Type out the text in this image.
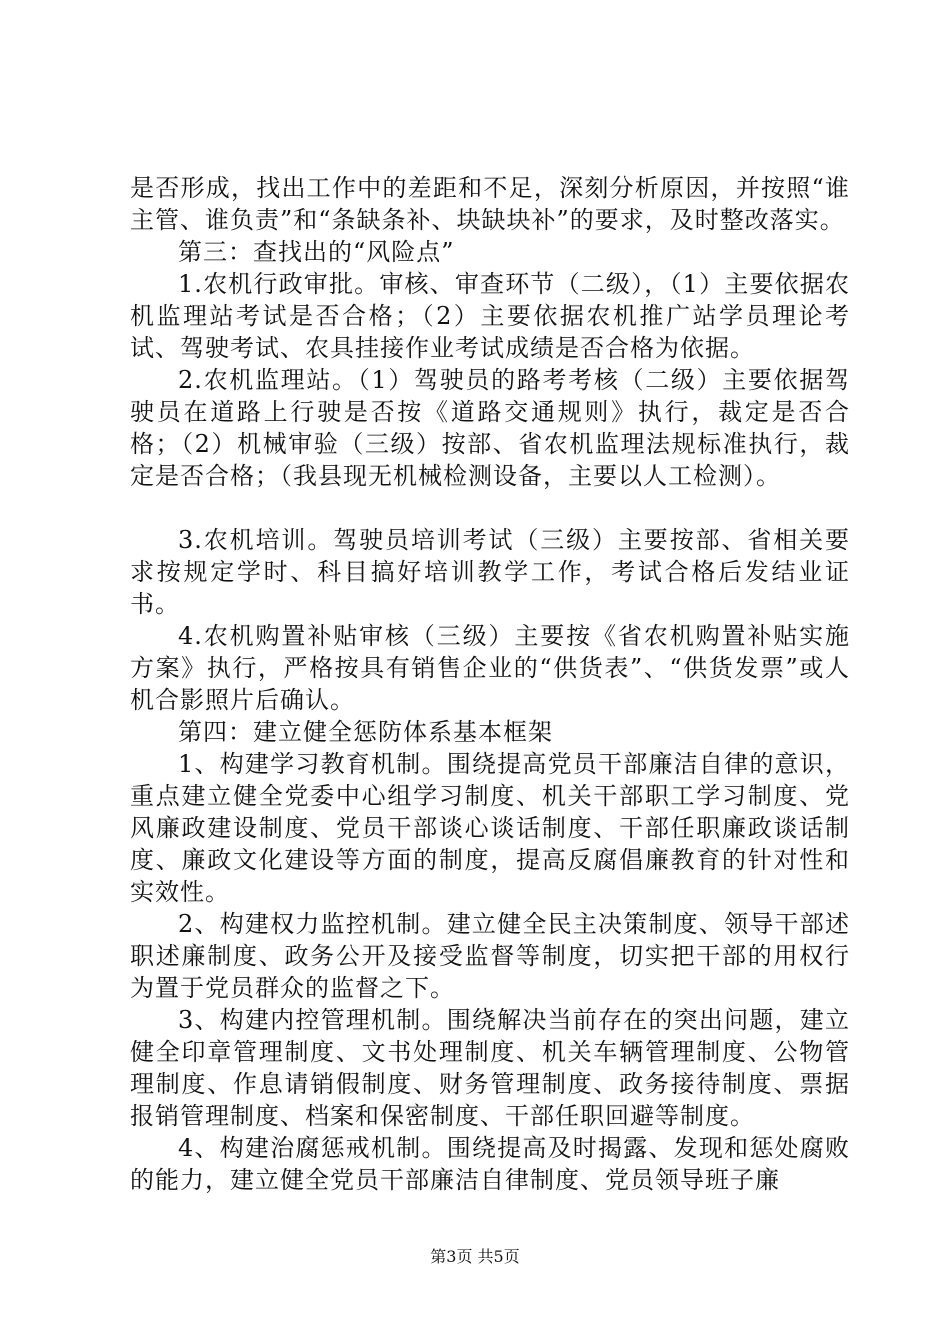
是否形成，找出工作中的差距和不足，深刻分析原因，并按照“谁主管、谁负责”和“条缺条补、块缺块补”的要求，及时整改落实。

第三：查找出的“风险点”

1.农机行政审批。审核、审查环节（二级），（1）主要依据农机监理站考试是否合格；（2）主要依据农机推广站学员理论考试、驾驶考试、农具挂接作业考试成绩是否合格为依据。

2.农机监理站。（1）驾驶员的路考考核（二级）主要依据驾驶员在道路上行驶是否按《道路交通规则》执行，裁定是否合格；（2）机械审验（三级）按部、省农机监理法规标准执行，裁定是否合格；（我县现无机械检测设备，主要以人工检测）。

3.农机培训。驾驶员培训考试（三级）主要按部、省相关要求按规定学时、科目搞好培训教学工作，考试合格后发结业证书。

4.农机购置补贴审核（三级）主要按《省农机购置补贴实施方案》执行，严格按具有销售企业的“供货表”、“供货发票”或人机合影照片后确认。

第四：建立健全惩防体系基本框架

1、构建学习教育机制。围绕提高党员干部廉洁自律的意识，重点建立健全党委中心组学习制度、机关干部职工学习制度、党风廉政建设制度、党员干部谈心谈话制度、干部任职廉政谈话制度、廉政文化建设等方面的制度，提高反腐倡廉教育的针对性和实效性。

2、构建权力监控机制。建立健全民主决策制度、领导干部述职述廉制度、政务公开及接受监督等制度，切实把干部的用权行为置于党员群众的监督之下。

3、构建内控管理机制。围绕解决当前存在的突出问题，建立健全印章管理制度、文书处理制度、机关车辆管理制度、公物管理制度、作息请销假制度、财务管理制度、政务接待制度、票据报销管理制度、档案和保密制度、干部任职回避等制度。

4、构建治腐惩戒机制。围绕提高及时揭露、发现和惩处腐败的能力，建立健全党员干部廉洁自律制度、党员领导班子廉

第3页 共5页
